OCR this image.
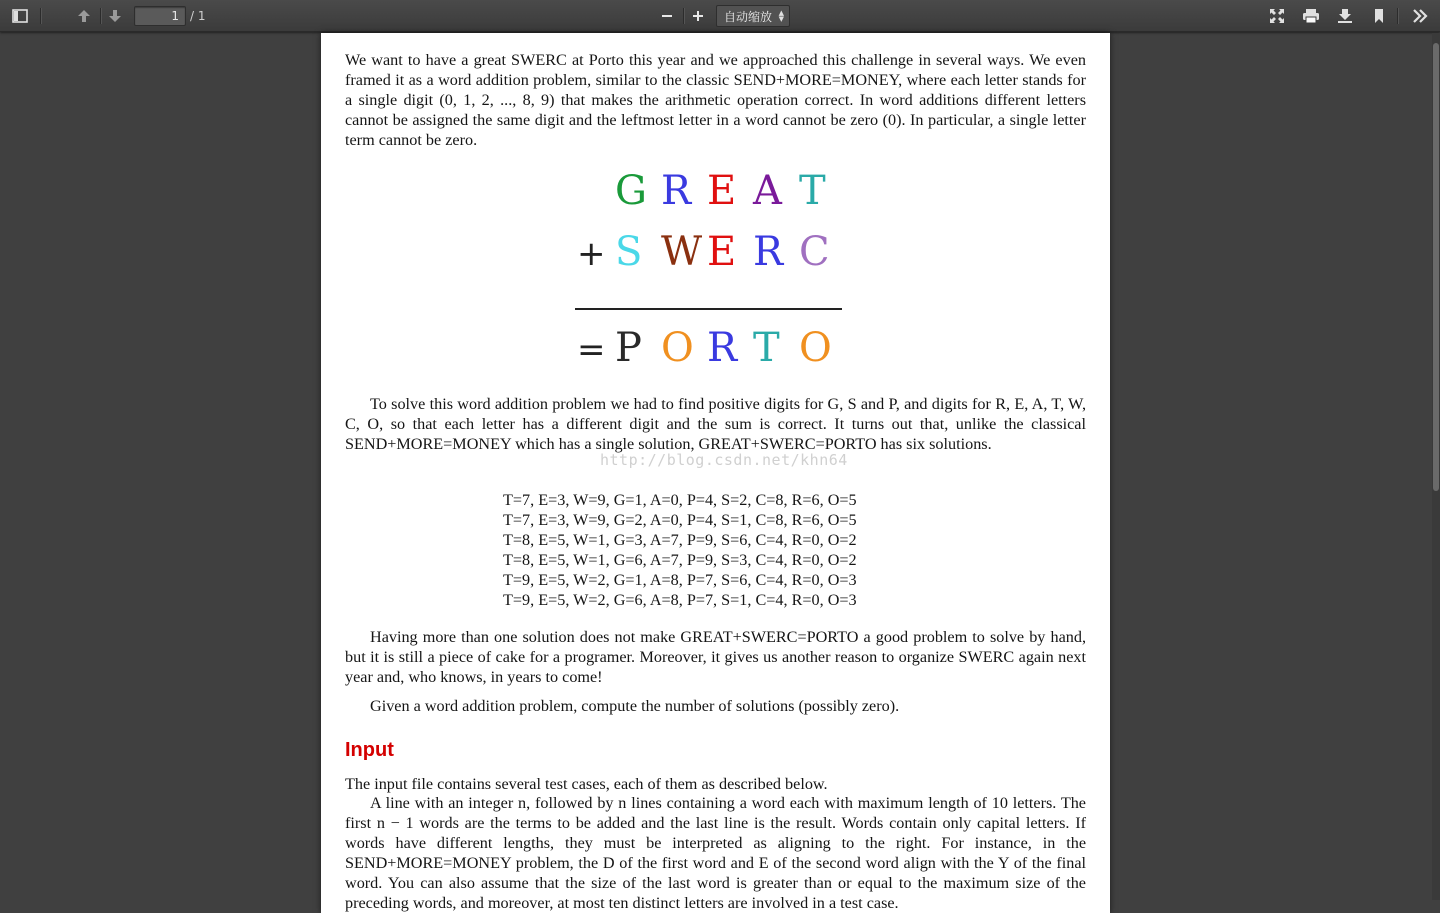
1
/ 1	自动缩放 ▲
▼

We want to have a great SWERC at Porto this year and we approached this challenge in several ways. We even framed it as a word addition problem, similar to the classic SEND+MORE=MONEY, where each letter stands for a single digit (0, 1, 2, ..., 8, 9) that makes the arithmetic operation correct. In word additions different letters cannot be assigned the same digit and the leftmost letter in a word cannot be zero (0). In particular, a single letter term cannot be zero.

G R E A T
+ S W E R C
= P O R T O

To solve this word addition problem we had to find positive digits for G, S and P, and digits for R, E, A, T, W, C, O, so that each letter has a different digit and the sum is correct. It turns out that, unlike the classical SEND+MORE=MONEY which has a single solution, GREAT+SWERC=PORTO has six solutions.

http://blog.csdn.net/khn64
T=7, E=3, W=9, G=1, A=0, P=4, S=2, C=8, R=6, O=5
T=7, E=3, W=9, G=2, A=0, P=4, S=1, C=8, R=6, O=5
T=8, E=5, W=1, G=3, A=7, P=9, S=6, C=4, R=0, O=2
T=8, E=5, W=1, G=6, A=7, P=9, S=3, C=4, R=0, O=2
T=9, E=5, W=2, G=1, A=8, P=7, S=6, C=4, R=0, O=3
T=9, E=5, W=2, G=6, A=8, P=7, S=1, C=4, R=0, O=3

Having more than one solution does not make GREAT+SWERC=PORTO a good problem to solve by hand, but it is still a piece of cake for a programer. Moreover, it gives us another reason to organize SWERC again next year and, who knows, in years to come!

Given a word addition problem, compute the number of solutions (possibly zero).

Input

The input file contains several test cases, each of them as described below.

A line with an integer n, followed by n lines containing a word each with maximum length of 10 letters. The first n − 1 words are the terms to be added and the last line is the result. Words contain only capital letters. If words have different lengths, they must be interpreted as aligning to the right. For instance, in the SEND+MORE=MONEY problem, the D of the first word and E of the second word align with the Y of the final word. You can also assume that the size of the last word is greater than or equal to the maximum size of the preceding words, and moreover, at most ten distinct letters are involved in a test case.
